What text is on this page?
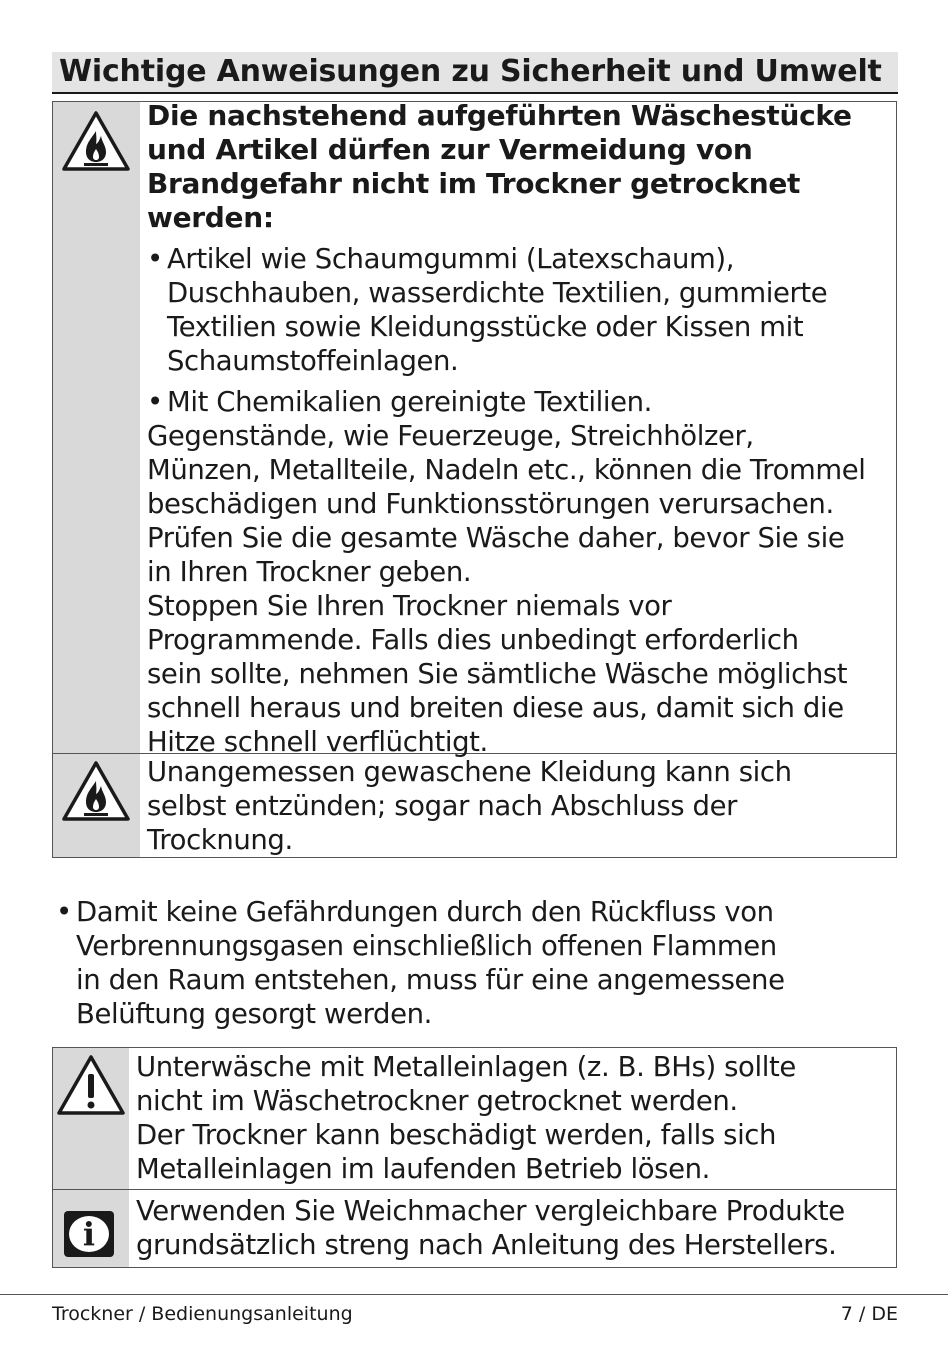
Wichtige Anweisungen zu Sicherheit und Umwelt
Die nachstehend aufgeführten Wäschestücke
und Artikel dürfen zur Vermeidung von
Brandgefahr nicht im Trockner getrocknet
werden:
• Artikel wie Schaumgummi (Latexschaum),
Duschhauben, wasserdichte Textilien, gummierte
Textilien sowie Kleidungsstücke oder Kissen mit
Schaumstoffeinlagen.
• Mit Chemikalien gereinigte Textilien.
Gegenstände, wie Feuerzeuge, Streichhölzer,
Münzen, Metallteile, Nadeln etc., können die Trommel
beschädigen und Funktionsstörungen verursachen.
Prüfen Sie die gesamte Wäsche daher, bevor Sie sie
in Ihren Trockner geben.
Stoppen Sie Ihren Trockner niemals vor
Programmende. Falls dies unbedingt erforderlich
sein sollte, nehmen Sie sämtliche Wäsche möglichst
schnell heraus und breiten diese aus, damit sich die
Hitze schnell verflüchtigt.
Unangemessen gewaschene Kleidung kann sich
selbst entzünden; sogar nach Abschluss der
Trocknung.
• Damit keine Gefährdungen durch den Rückfluss von
Verbrennungsgasen einschließlich offenen Flammen
in den Raum entstehen, muss für eine angemessene
Belüftung gesorgt werden.
i
Unterwäsche mit Metalleinlagen (z. B. BHs) sollte
nicht im Wäschetrockner getrocknet werden.
Der Trockner kann beschädigt werden, falls sich
Metalleinlagen im laufenden Betrieb lösen.
Verwenden Sie Weichmacher vergleichbare Produkte
grundsätzlich streng nach Anleitung des Herstellers.
Trockner / Bedienungsanleitung	7 / DE
